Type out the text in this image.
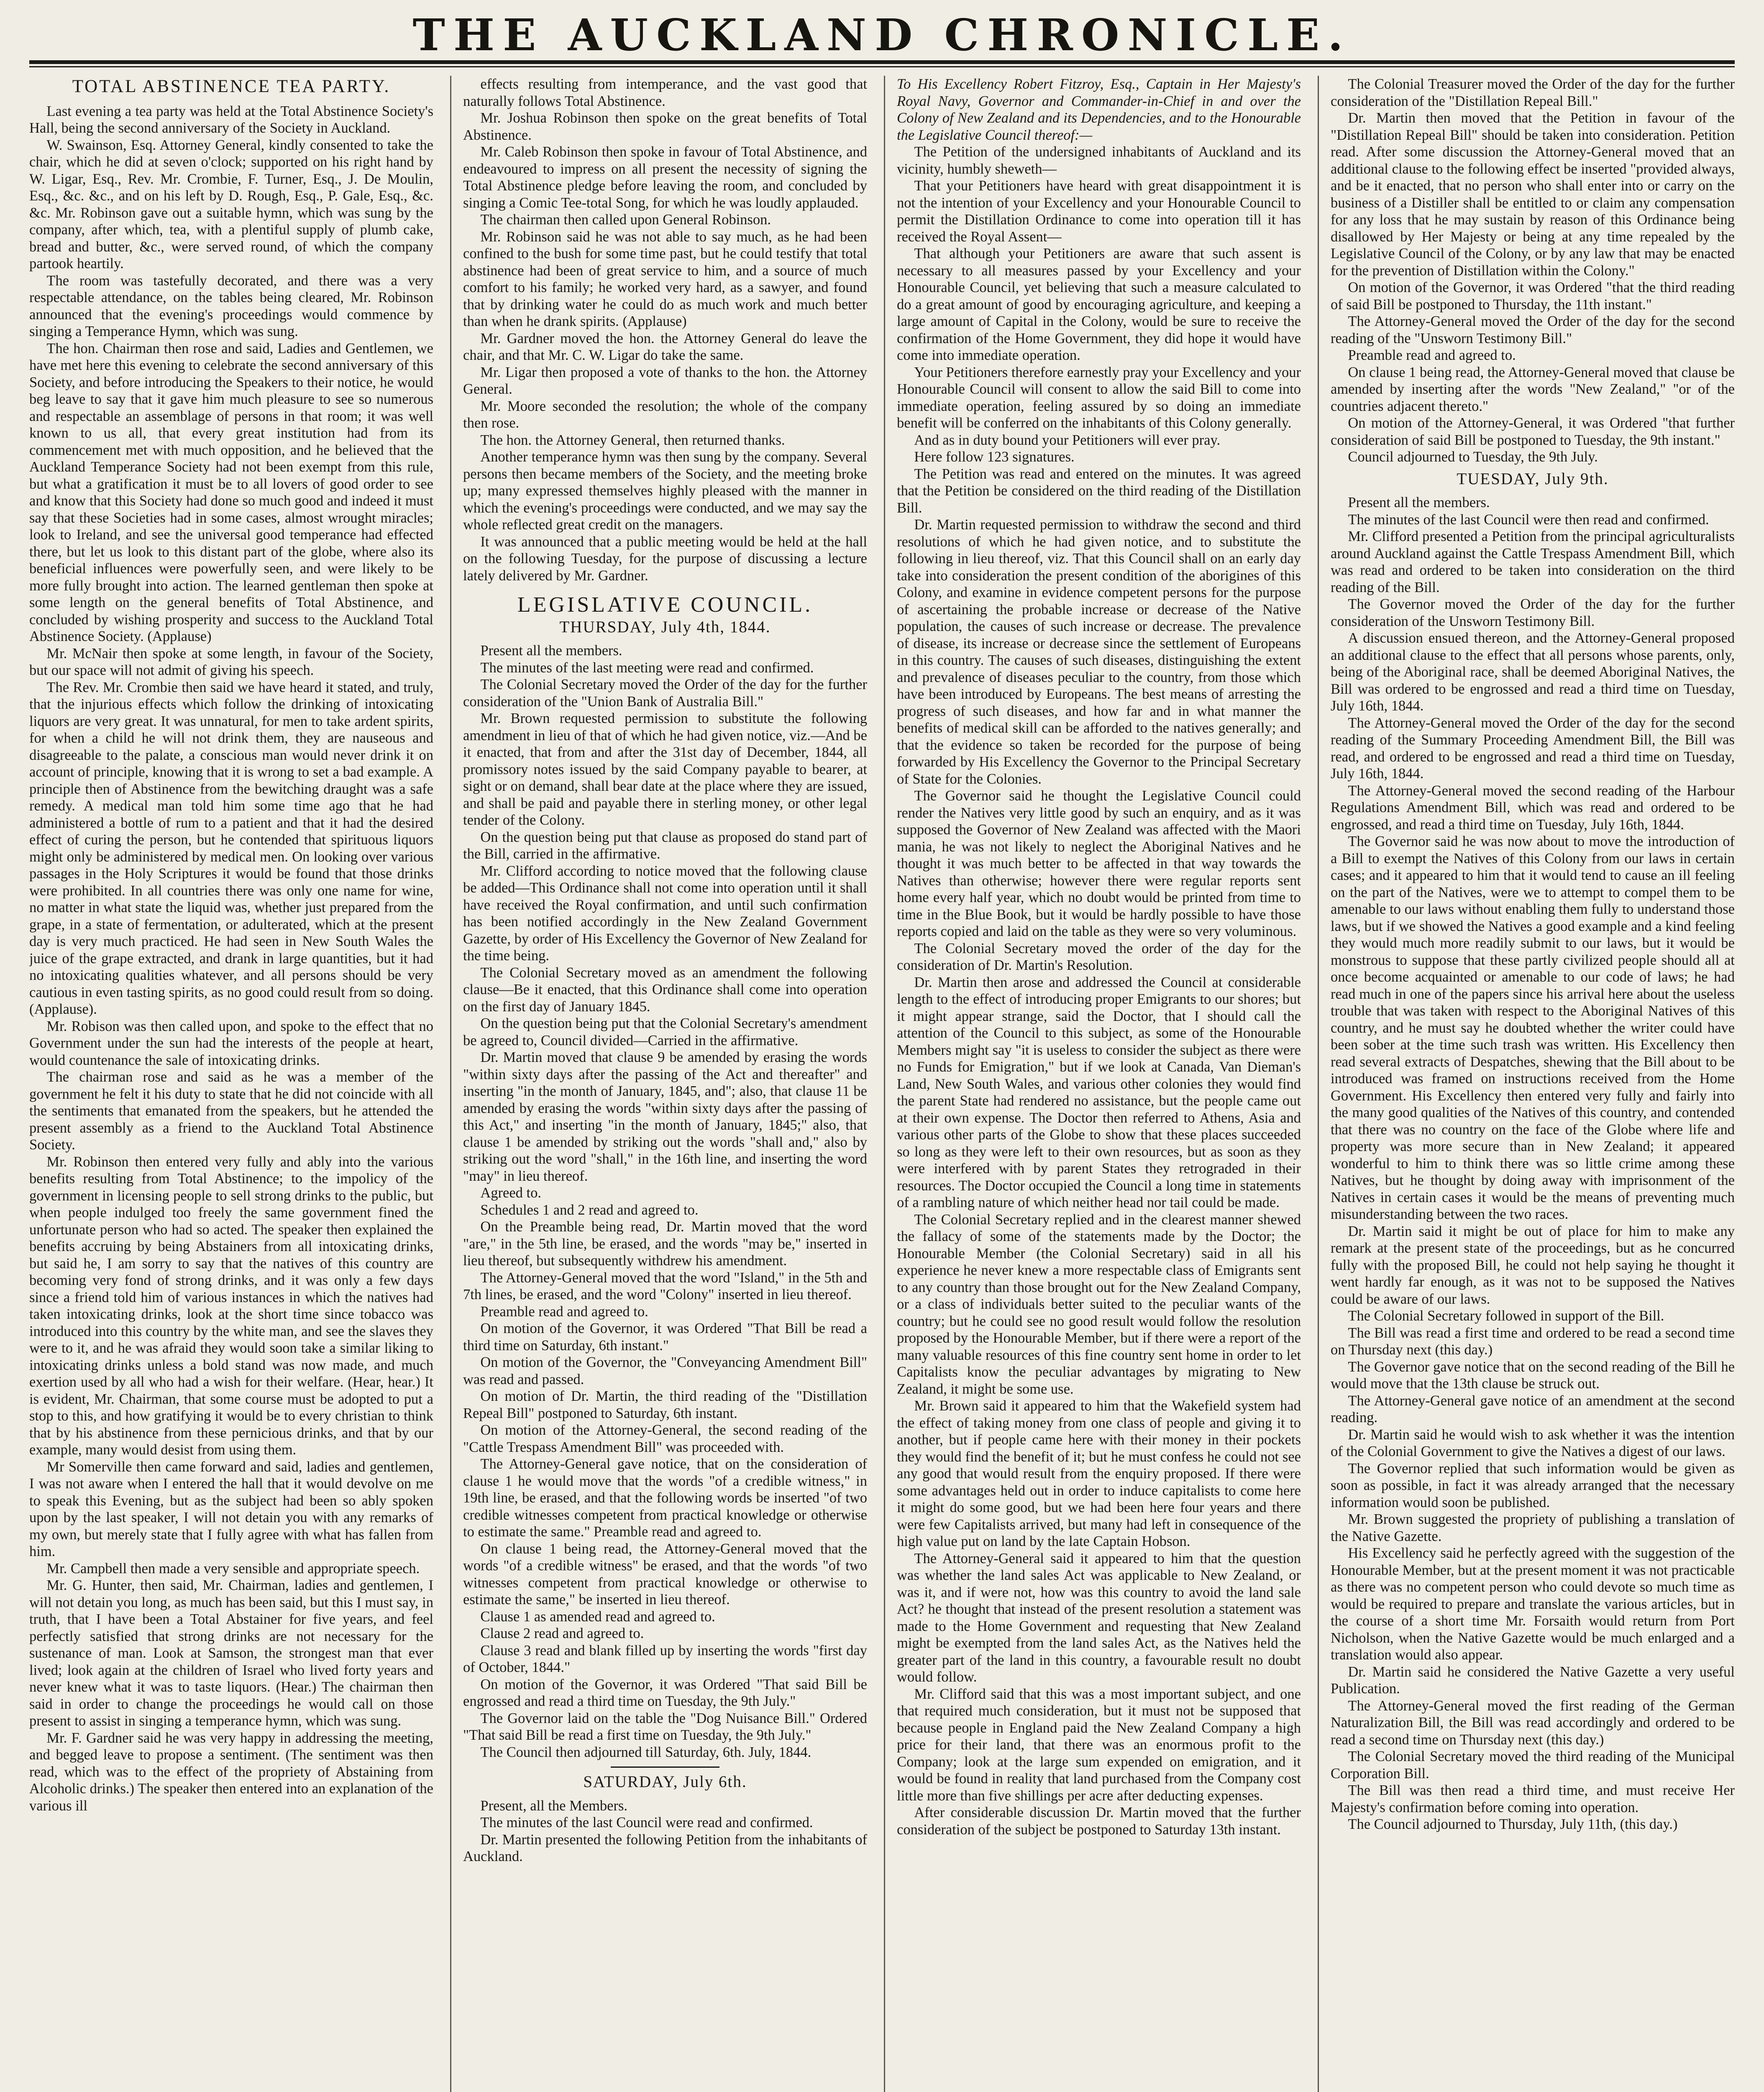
THE AUCKLAND CHRONICLE.
TOTAL ABSTINENCE TEA PARTY.

Last evening a tea party was held at the Total Abstinence Society's Hall, being the second anniversary of the Society in Auckland.

W. Swainson, Esq. Attorney General, kindly consented to take the chair, which he did at seven o'clock; supported on his right hand by W. Ligar, Esq., Rev. Mr. Crombie, F. Turner, Esq., J. De Moulin, Esq., &c. &c., and on his left by D. Rough, Esq., P. Gale, Esq., &c. &c. Mr. Robinson gave out a suitable hymn, which was sung by the company, after which, tea, with a plentiful supply of plumb cake, bread and butter, &c., were served round, of which the company partook heartily.

The room was tastefully decorated, and there was a very respectable attendance, on the tables being cleared, Mr. Robinson announced that the evening's proceedings would commence by singing a Temperance Hymn, which was sung.

The hon. Chairman then rose and said, Ladies and Gentlemen, we have met here this evening to celebrate the second anniversary of this Society, and before introducing the Speakers to their notice, he would beg leave to say that it gave him much pleasure to see so numerous and respectable an assemblage of persons in that room; it was well known to us all, that every great institution had from its commencement met with much opposition, and he believed that the Auckland Temperance Society had not been exempt from this rule, but what a gratification it must be to all lovers of good order to see and know that this Society had done so much good and indeed it must say that these Societies had in some cases, almost wrought miracles; look to Ireland, and see the universal good temperance had effected there, but let us look to this distant part of the globe, where also its beneficial influences were powerfully seen, and were likely to be more fully brought into action. The learned gentleman then spoke at some length on the general benefits of Total Abstinence, and concluded by wishing prosperity and success to the Auckland Total Abstinence Society. (Applause)

Mr. McNair then spoke at some length, in favour of the Society, but our space will not admit of giving his speech.

The Rev. Mr. Crombie then said we have heard it stated, and truly, that the injurious effects which follow the drinking of intoxicating liquors are very great. It was unnatural, for men to take ardent spirits, for when a child he will not drink them, they are nauseous and disagreeable to the palate, a conscious man would never drink it on account of principle, knowing that it is wrong to set a bad example. A principle then of Abstinence from the bewitching draught was a safe remedy. A medical man told him some time ago that he had administered a bottle of rum to a patient and that it had the desired effect of curing the person, but he contended that spirituous liquors might only be administered by medical men. On looking over various passages in the Holy Scriptures it would be found that those drinks were prohibited. In all countries there was only one name for wine, no matter in what state the liquid was, whether just prepared from the grape, in a state of fermentation, or adulterated, which at the present day is very much practiced. He had seen in New South Wales the juice of the grape extracted, and drank in large quantities, but it had no intoxicating qualities whatever, and all persons should be very cautious in even tasting spirits, as no good could result from so doing. (Applause).

Mr. Robison was then called upon, and spoke to the effect that no Government under the sun had the interests of the people at heart, would countenance the sale of intoxicating drinks.

The chairman rose and said as he was a member of the government he felt it his duty to state that he did not coincide with all the sentiments that emanated from the speakers, but he attended the present assembly as a friend to the Auckland Total Abstinence Society.

Mr. Robinson then entered very fully and ably into the various benefits resulting from Total Abstinence; to the impolicy of the government in licensing people to sell strong drinks to the public, but when people indulged too freely the same government fined the unfortunate person who had so acted. The speaker then explained the benefits accruing by being Abstainers from all intoxicating drinks, but said he, I am sorry to say that the natives of this country are becoming very fond of strong drinks, and it was only a few days since a friend told him of various instances in which the natives had taken intoxicating drinks, look at the short time since tobacco was introduced into this country by the white man, and see the slaves they were to it, and he was afraid they would soon take a similar liking to intoxicating drinks unless a bold stand was now made, and much exertion used by all who had a wish for their welfare. (Hear, hear.) It is evident, Mr. Chairman, that some course must be adopted to put a stop to this, and how gratifying it would be to every christian to think that by his abstinence from these pernicious drinks, and that by our example, many would desist from using them.

Mr Somerville then came forward and said, ladies and gentlemen, I was not aware when I entered the hall that it would devolve on me to speak this Evening, but as the subject had been so ably spoken upon by the last speaker, I will not detain you with any remarks of my own, but merely state that I fully agree with what has fallen from him.

Mr. Campbell then made a very sensible and appropriate speech.

Mr. G. Hunter, then said, Mr. Chairman, ladies and gentlemen, I will not detain you long, as much has been said, but this I must say, in truth, that I have been a Total Abstainer for five years, and feel perfectly satisfied that strong drinks are not necessary for the sustenance of man. Look at Samson, the strongest man that ever lived; look again at the children of Israel who lived forty years and never knew what it was to taste liquors. (Hear.) The chairman then said in order to change the proceedings he would call on those present to assist in singing a temperance hymn, which was sung.

Mr. F. Gardner said he was very happy in addressing the meeting, and begged leave to propose a sentiment. (The sentiment was then read, which was to the effect of the propriety of Abstaining from Alcoholic drinks.) The speaker then entered into an explanation of the various ill

effects resulting from intemperance, and the vast good that naturally follows Total Abstinence.

Mr. Joshua Robinson then spoke on the great benefits of Total Abstinence.

Mr. Caleb Robinson then spoke in favour of Total Abstinence, and endeavoured to impress on all present the necessity of signing the Total Abstinence pledge before leaving the room, and concluded by singing a Comic Tee-total Song, for which he was loudly applauded.

The chairman then called upon General Robinson.

Mr. Robinson said he was not able to say much, as he had been confined to the bush for some time past, but he could testify that total abstinence had been of great service to him, and a source of much comfort to his family; he worked very hard, as a sawyer, and found that by drinking water he could do as much work and much better than when he drank spirits. (Applause)

Mr. Gardner moved the hon. the Attorney General do leave the chair, and that Mr. C. W. Ligar do take the same.

Mr. Ligar then proposed a vote of thanks to the hon. the Attorney General.

Mr. Moore seconded the resolution; the whole of the company then rose.

The hon. the Attorney General, then returned thanks.

Another temperance hymn was then sung by the company. Several persons then became members of the Society, and the meeting broke up; many expressed themselves highly pleased with the manner in which the evening's proceedings were conducted, and we may say the whole reflected great credit on the managers.

It was announced that a public meeting would be held at the hall on the following Tuesday, for the purpose of discussing a lecture lately delivered by Mr. Gardner.

LEGISLATIVE COUNCIL.
THURSDAY, July 4th, 1844.

Present all the members.

The minutes of the last meeting were read and confirmed.

The Colonial Secretary moved the Order of the day for the further consideration of the "Union Bank of Australia Bill."

Mr. Brown requested permission to substitute the following amendment in lieu of that of which he had given notice, viz.—And be it enacted, that from and after the 31st day of December, 1844, all promissory notes issued by the said Company payable to bearer, at sight or on demand, shall bear date at the place where they are issued, and shall be paid and payable there in sterling money, or other legal tender of the Colony.

On the question being put that clause as proposed do stand part of the Bill, carried in the affirmative.

Mr. Clifford according to notice moved that the following clause be added—This Ordinance shall not come into operation until it shall have received the Royal confirmation, and until such confirmation has been notified accordingly in the New Zealand Government Gazette, by order of His Excellency the Governor of New Zealand for the time being.

The Colonial Secretary moved as an amendment the following clause—Be it enacted, that this Ordinance shall come into operation on the first day of January 1845.

On the question being put that the Colonial Secretary's amendment be agreed to, Council divided—Carried in the affirmative.

Dr. Martin moved that clause 9 be amended by erasing the words "within sixty days after the passing of the Act and thereafter" and inserting "in the month of January, 1845, and"; also, that clause 11 be amended by erasing the words "within sixty days after the passing of this Act," and inserting "in the month of January, 1845;" also, that clause 1 be amended by striking out the words "shall and," also by striking out the word "shall," in the 16th line, and inserting the word "may" in lieu thereof.

Agreed to.

Schedules 1 and 2 read and agreed to.

On the Preamble being read, Dr. Martin moved that the word "are," in the 5th line, be erased, and the words "may be," inserted in lieu thereof, but subsequently withdrew his amendment.

The Attorney-General moved that the word "Island," in the 5th and 7th lines, be erased, and the word "Colony" inserted in lieu thereof.

Preamble read and agreed to.

On motion of the Governor, it was Ordered "That Bill be read a third time on Saturday, 6th instant."

On motion of the Governor, the "Conveyancing Amendment Bill" was read and passed.

On motion of Dr. Martin, the third reading of the "Distillation Repeal Bill" postponed to Saturday, 6th instant.

On motion of the Attorney-General, the second reading of the "Cattle Trespass Amendment Bill" was proceeded with.

The Attorney-General gave notice, that on the consideration of clause 1 he would move that the words "of a credible witness," in 19th line, be erased, and that the following words be inserted "of two credible witnesses competent from practical knowledge or otherwise to estimate the same." Preamble read and agreed to.

On clause 1 being read, the Attorney-General moved that the words "of a credible witness" be erased, and that the words "of two witnesses competent from practical knowledge or otherwise to estimate the same," be inserted in lieu thereof.

Clause 1 as amended read and agreed to.

Clause 2 read and agreed to.

Clause 3 read and blank filled up by inserting the words "first day of October, 1844."

On motion of the Governor, it was Ordered "That said Bill be engrossed and read a third time on Tuesday, the 9th July."

The Governor laid on the table the "Dog Nuisance Bill." Ordered "That said Bill be read a first time on Tuesday, the 9th July."

The Council then adjourned till Saturday, 6th. July, 1844.

SATURDAY, July 6th.

Present, all the Members.

The minutes of the last Council were read and confirmed.

Dr. Martin presented the following Petition from the inhabitants of Auckland.

To His Excellency Robert Fitzroy, Esq., Captain in Her Majesty's Royal Navy, Governor and Commander-in-Chief in and over the Colony of New Zealand and its Dependencies, and to the Honourable the Legislative Council thereof:—

The Petition of the undersigned inhabitants of Auckland and its vicinity, humbly sheweth—

That your Petitioners have heard with great disappointment it is not the intention of your Excellency and your Honourable Council to permit the Distillation Ordinance to come into operation till it has received the Royal Assent—

That although your Petitioners are aware that such assent is necessary to all measures passed by your Excellency and your Honourable Council, yet believing that such a measure calculated to do a great amount of good by encouraging agriculture, and keeping a large amount of Capital in the Colony, would be sure to receive the confirmation of the Home Government, they did hope it would have come into immediate operation.

Your Petitioners therefore earnestly pray your Excellency and your Honourable Council will consent to allow the said Bill to come into immediate operation, feeling assured by so doing an immediate benefit will be conferred on the inhabitants of this Colony generally.

And as in duty bound your Petitioners will ever pray.

Here follow 123 signatures.

The Petition was read and entered on the minutes. It was agreed that the Petition be considered on the third reading of the Distillation Bill.

Dr. Martin requested permission to withdraw the second and third resolutions of which he had given notice, and to substitute the following in lieu thereof, viz. That this Council shall on an early day take into consideration the present condition of the aborigines of this Colony, and examine in evidence competent persons for the purpose of ascertaining the probable increase or decrease of the Native population, the causes of such increase or decrease. The prevalence of disease, its increase or decrease since the settlement of Europeans in this country. The causes of such diseases, distinguishing the extent and prevalence of diseases peculiar to the country, from those which have been introduced by Europeans. The best means of arresting the progress of such diseases, and how far and in what manner the benefits of medical skill can be afforded to the natives generally; and that the evidence so taken be recorded for the purpose of being forwarded by His Excellency the Governor to the Principal Secretary of State for the Colonies.

The Governor said he thought the Legislative Council could render the Natives very little good by such an enquiry, and as it was supposed the Governor of New Zealand was affected with the Maori mania, he was not likely to neglect the Aboriginal Natives and he thought it was much better to be affected in that way towards the Natives than otherwise; however there were regular reports sent home every half year, which no doubt would be printed from time to time in the Blue Book, but it would be hardly possible to have those reports copied and laid on the table as they were so very voluminous.

The Colonial Secretary moved the order of the day for the consideration of Dr. Martin's Resolution.

Dr. Martin then arose and addressed the Council at considerable length to the effect of introducing proper Emigrants to our shores; but it might appear strange, said the Doctor, that I should call the attention of the Council to this subject, as some of the Honourable Members might say "it is useless to consider the subject as there were no Funds for Emigration," but if we look at Canada, Van Dieman's Land, New South Wales, and various other colonies they would find the parent State had rendered no assistance, but the people came out at their own expense. The Doctor then referred to Athens, Asia and various other parts of the Globe to show that these places succeeded so long as they were left to their own resources, but as soon as they were interfered with by parent States they retrograded in their resources. The Doctor occupied the Council a long time in statements of a rambling nature of which neither head nor tail could be made.

The Colonial Secretary replied and in the clearest manner shewed the fallacy of some of the statements made by the Doctor; the Honourable Member (the Colonial Secretary) said in all his experience he never knew a more respectable class of Emigrants sent to any country than those brought out for the New Zealand Company, or a class of individuals better suited to the peculiar wants of the country; but he could see no good result would follow the resolution proposed by the Honourable Member, but if there were a report of the many valuable resources of this fine country sent home in order to let Capitalists know the peculiar advantages by migrating to New Zealand, it might be some use.

Mr. Brown said it appeared to him that the Wakefield system had the effect of taking money from one class of people and giving it to another, but if people came here with their money in their pockets they would find the benefit of it; but he must confess he could not see any good that would result from the enquiry proposed. If there were some advantages held out in order to induce capitalists to come here it might do some good, but we had been here four years and there were few Capitalists arrived, but many had left in consequence of the high value put on land by the late Captain Hobson.

The Attorney-General said it appeared to him that the question was whether the land sales Act was applicable to New Zealand, or was it, and if were not, how was this country to avoid the land sale Act? he thought that instead of the present resolution a statement was made to the Home Government and requesting that New Zealand might be exempted from the land sales Act, as the Natives held the greater part of the land in this country, a favourable result no doubt would follow.

Mr. Clifford said that this was a most important subject, and one that required much consideration, but it must not be supposed that because people in England paid the New Zealand Company a high price for their land, that there was an enormous profit to the Company; look at the large sum expended on emigration, and it would be found in reality that land purchased from the Company cost little more than five shillings per acre after deducting expenses.

After considerable discussion Dr. Martin moved that the further consideration of the subject be postponed to Saturday 13th instant.

The Colonial Treasurer moved the Order of the day for the further consideration of the "Distillation Repeal Bill."

Dr. Martin then moved that the Petition in favour of the "Distillation Repeal Bill" should be taken into consideration. Petition read. After some discussion the Attorney-General moved that an additional clause to the following effect be inserted "provided always, and be it enacted, that no person who shall enter into or carry on the business of a Distiller shall be entitled to or claim any compensation for any loss that he may sustain by reason of this Ordinance being disallowed by Her Majesty or being at any time repealed by the Legislative Council of the Colony, or by any law that may be enacted for the prevention of Distillation within the Colony."

On motion of the Governor, it was Ordered "that the third reading of said Bill be postponed to Thursday, the 11th instant."

The Attorney-General moved the Order of the day for the second reading of the "Unsworn Testimony Bill."

Preamble read and agreed to.

On clause 1 being read, the Attorney-General moved that clause be amended by inserting after the words "New Zealand," "or of the countries adjacent thereto."

On motion of the Attorney-General, it was Ordered "that further consideration of said Bill be postponed to Tuesday, the 9th instant."

Council adjourned to Tuesday, the 9th July.

TUESDAY, July 9th.

Present all the members.

The minutes of the last Council were then read and confirmed.

Mr. Clifford presented a Petition from the principal agriculturalists around Auckland against the Cattle Trespass Amendment Bill, which was read and ordered to be taken into consideration on the third reading of the Bill.

The Governor moved the Order of the day for the further consideration of the Unsworn Testimony Bill.

A discussion ensued thereon, and the Attorney-General proposed an additional clause to the effect that all persons whose parents, only, being of the Aboriginal race, shall be deemed Aboriginal Natives, the Bill was ordered to be engrossed and read a third time on Tuesday, July 16th, 1844.

The Attorney-General moved the Order of the day for the second reading of the Summary Proceeding Amendment Bill, the Bill was read, and ordered to be engrossed and read a third time on Tuesday, July 16th, 1844.

The Attorney-General moved the second reading of the Harbour Regulations Amendment Bill, which was read and ordered to be engrossed, and read a third time on Tuesday, July 16th, 1844.

The Governor said he was now about to move the introduction of a Bill to exempt the Natives of this Colony from our laws in certain cases; and it appeared to him that it would tend to cause an ill feeling on the part of the Natives, were we to attempt to compel them to be amenable to our laws without enabling them fully to understand those laws, but if we showed the Natives a good example and a kind feeling they would much more readily submit to our laws, but it would be monstrous to suppose that these partly civilized people should all at once become acquainted or amenable to our code of laws; he had read much in one of the papers since his arrival here about the useless trouble that was taken with respect to the Aboriginal Natives of this country, and he must say he doubted whether the writer could have been sober at the time such trash was written. His Excellency then read several extracts of Despatches, shewing that the Bill about to be introduced was framed on instructions received from the Home Government. His Excellency then entered very fully and fairly into the many good qualities of the Natives of this country, and contended that there was no country on the face of the Globe where life and property was more secure than in New Zealand; it appeared wonderful to him to think there was so little crime among these Natives, but he thought by doing away with imprisonment of the Natives in certain cases it would be the means of preventing much misunderstanding between the two races.

Dr. Martin said it might be out of place for him to make any remark at the present state of the proceedings, but as he concurred fully with the proposed Bill, he could not help saying he thought it went hardly far enough, as it was not to be supposed the Natives could be aware of our laws.

The Colonial Secretary followed in support of the Bill.

The Bill was read a first time and ordered to be read a second time on Thursday next (this day.)

The Governor gave notice that on the second reading of the Bill he would move that the 13th clause be struck out.

The Attorney-General gave notice of an amendment at the second reading.

Dr. Martin said he would wish to ask whether it was the intention of the Colonial Government to give the Natives a digest of our laws.

The Governor replied that such information would be given as soon as possible, in fact it was already arranged that the necessary information would soon be published.

Mr. Brown suggested the propriety of publishing a translation of the Native Gazette.

His Excellency said he perfectly agreed with the suggestion of the Honourable Member, but at the present moment it was not practicable as there was no competent person who could devote so much time as would be required to prepare and translate the various articles, but in the course of a short time Mr. Forsaith would return from Port Nicholson, when the Native Gazette would be much enlarged and a translation would also appear.

Dr. Martin said he considered the Native Gazette a very useful Publication.

The Attorney-General moved the first reading of the German Naturalization Bill, the Bill was read accordingly and ordered to be read a second time on Thursday next (this day.)

The Colonial Secretary moved the third reading of the Municipal Corporation Bill.

The Bill was then read a third time, and must receive Her Majesty's confirmation before coming into operation.

The Council adjourned to Thursday, July 11th, (this day.)
